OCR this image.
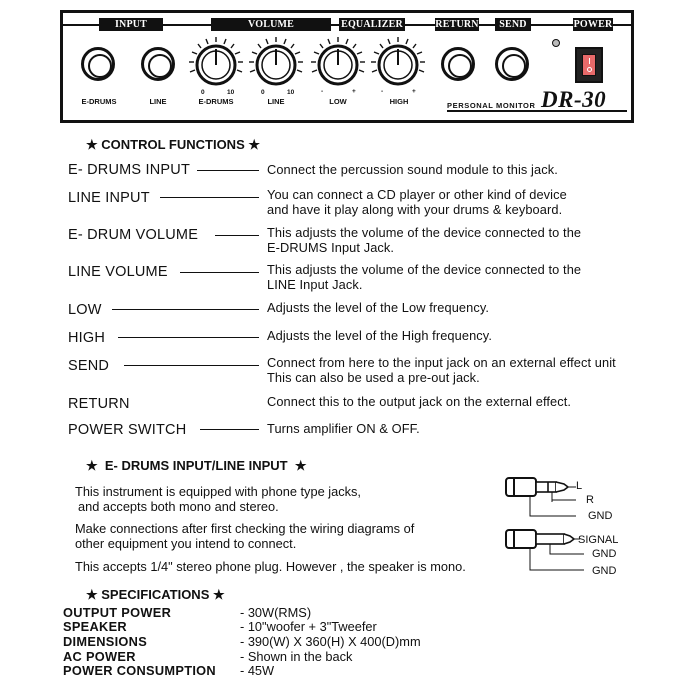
INPUT	VOLUME	EQUALIZER	RETURN	SEND	POWER
E-DRUMS	LINE
0	10
E-DRUMS
0	10
LINE
-	+
LOW
-	+
HIGH	PERSONAL MONITOR DR-30
★ CONTROL FUNCTIONS ★
E- DRUMS INPUT	Connect the percussion sound module to this jack.
LINE INPUT	You can connect a CD player or other kind of device
and have it play along with your drums & keyboard.
E- DRUM VOLUME	This adjusts the volume of the device connected to the
E-DRUMS Input Jack.
LINE VOLUME	This adjusts the volume of the device connected to the
LINE Input Jack.
LOW	Adjusts the level of the Low frequency.
HIGH	Adjusts the level of the High frequency.
SEND	Connect from here to the input jack on an external effect unit
This can also be used a pre-out jack.
RETURN	Connect this to the output jack on the external effect.
POWER SWITCH	Turns amplifier ON & OFF.
★  E- DRUMS INPUT/LINE INPUT  ★
This instrument is equipped with phone type jacks,
and accepts both mono and stereo.
Make connections after first checking the wiring diagrams of
other equipment you intend to connect.
This accepts 1/4" stereo phone plug. However , the speaker is mono.
L
R
GND
SIGNAL
GND
GND
★ SPECIFICATIONS ★
OUTPUT POWER	- 30W(RMS)
SPEAKER	- 10"woofer + 3"Tweefer
DIMENSIONS	- 390(W) X 360(H) X 400(D)mm
AC POWER	- Shown in the back
POWER CONSUMPTION - 45W
